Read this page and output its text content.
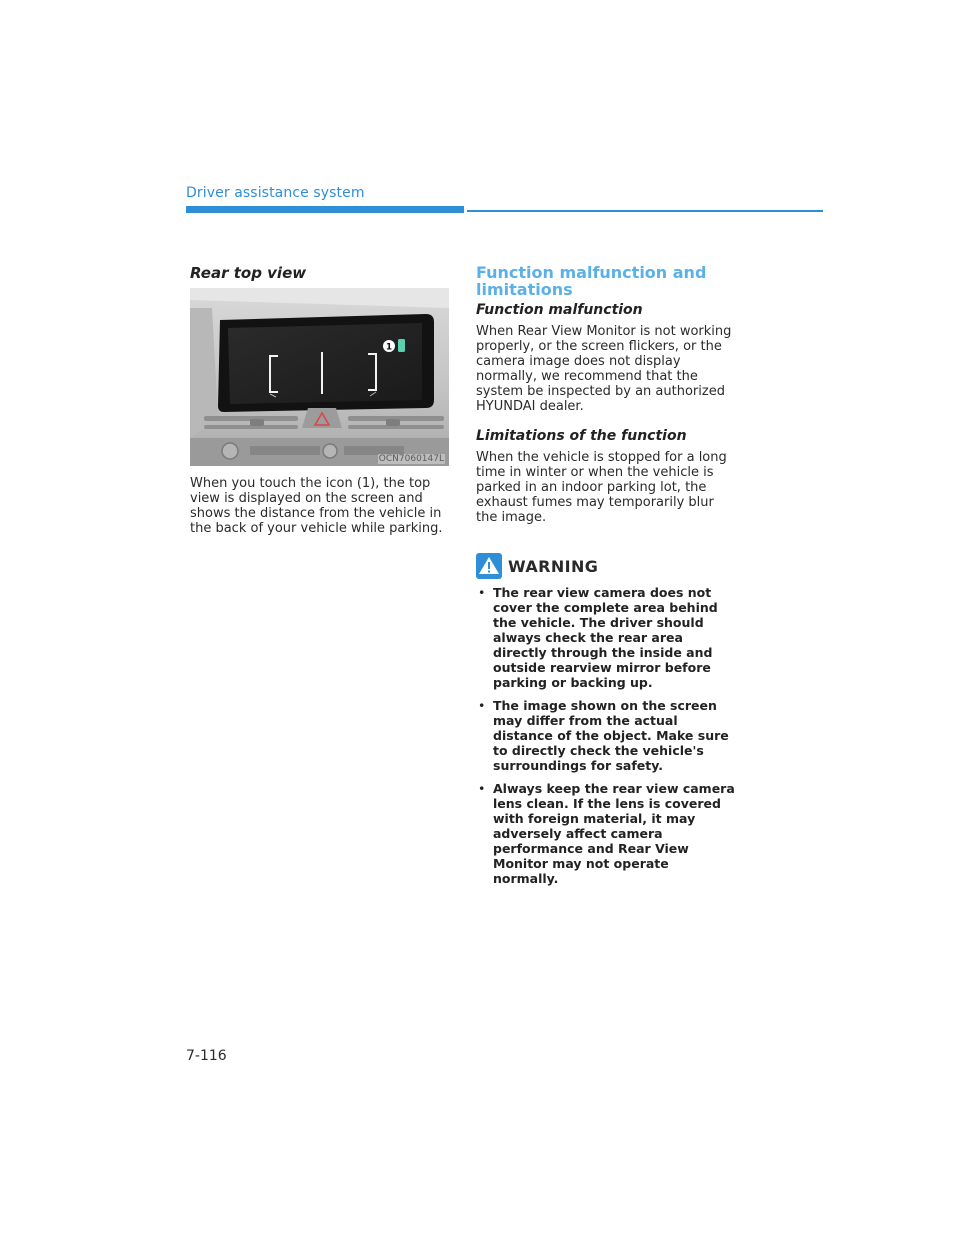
Driver assistance system
Rear top view
1
OCN7060147L

When you touch the icon (1), the top view is displayed on the screen and shows the distance from the vehicle in the back of your vehicle while parking.

Function malfunction and limitations
Function malfunction

When Rear View Monitor is not working properly, or the screen flickers, or the camera image does not display normally, we recommend that the system be inspected by an authorized HYUNDAI dealer.

Limitations of the function

When the vehicle is stopped for a long time in winter or when the vehicle is parked in an indoor parking lot, the exhaust fumes may temporarily blur the image.

WARNING
• The rear view camera does not cover the complete area behind the vehicle. The driver should always check the rear area directly through the inside and outside rearview mirror before parking or backing up.
• The image shown on the screen may differ from the actual distance of the object. Make sure to directly check the vehicle's surroundings for safety.
• Always keep the rear view camera lens clean. If the lens is covered with foreign material, it may adversely affect camera performance and Rear View Monitor may not operate normally.
7-116
